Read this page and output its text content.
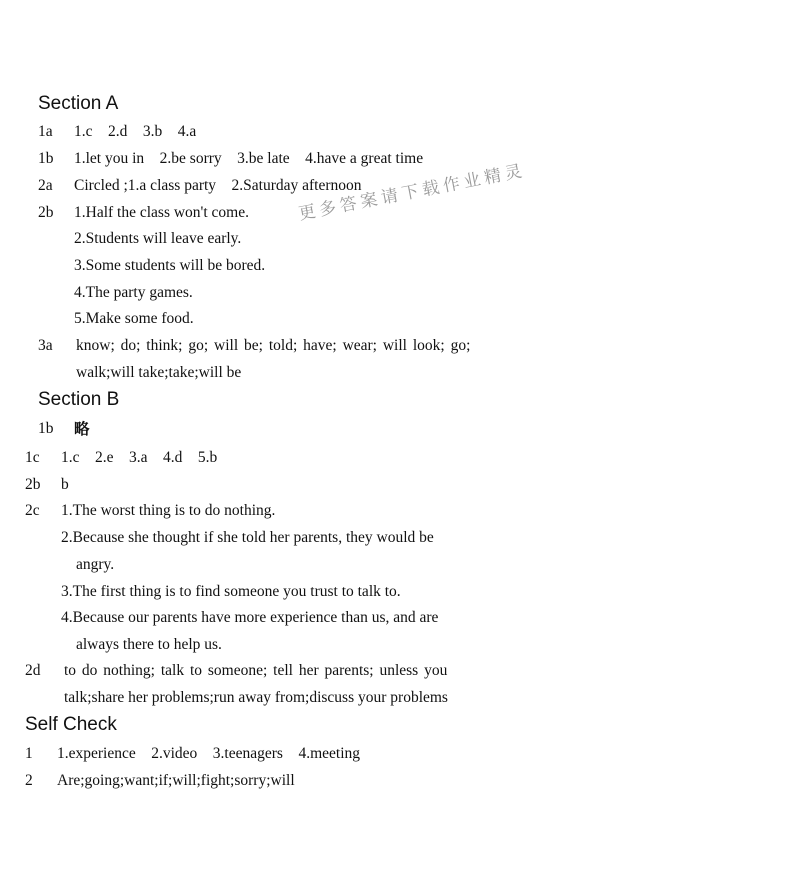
更多答案请下载作业精灵
Section A
1a 1.c    2.d    3.b    4.a
1b 1.let you in    2.be sorry    3.be late    4.have a great time
2a Circled ;1.a class party    2.Saturday afternoon
2b 1.Half the class won't come.
2.Students will leave early.
3.Some students will be bored.
4.The party games.
5.Make some food.
3a know; do; think; go; will be; told; have; wear; will look; go;
walk;will take;take;will be
Section B
1b 略
1c 1.c    2.e    3.a    4.d    5.b
2b b
2c 1.The worst thing is to do nothing.
2.Because she thought if she told her parents, they would be
angry.
3.The first thing is to find someone you trust to talk to.
4.Because our parents have more experience than us, and are
always there to help us.
2d to do nothing; talk to someone; tell her parents; unless you
talk;share her problems;run away from;discuss your problems
Self Check
1 1.experience    2.video    3.teenagers    4.meeting
2 Are;going;want;if;will;fight;sorry;will
